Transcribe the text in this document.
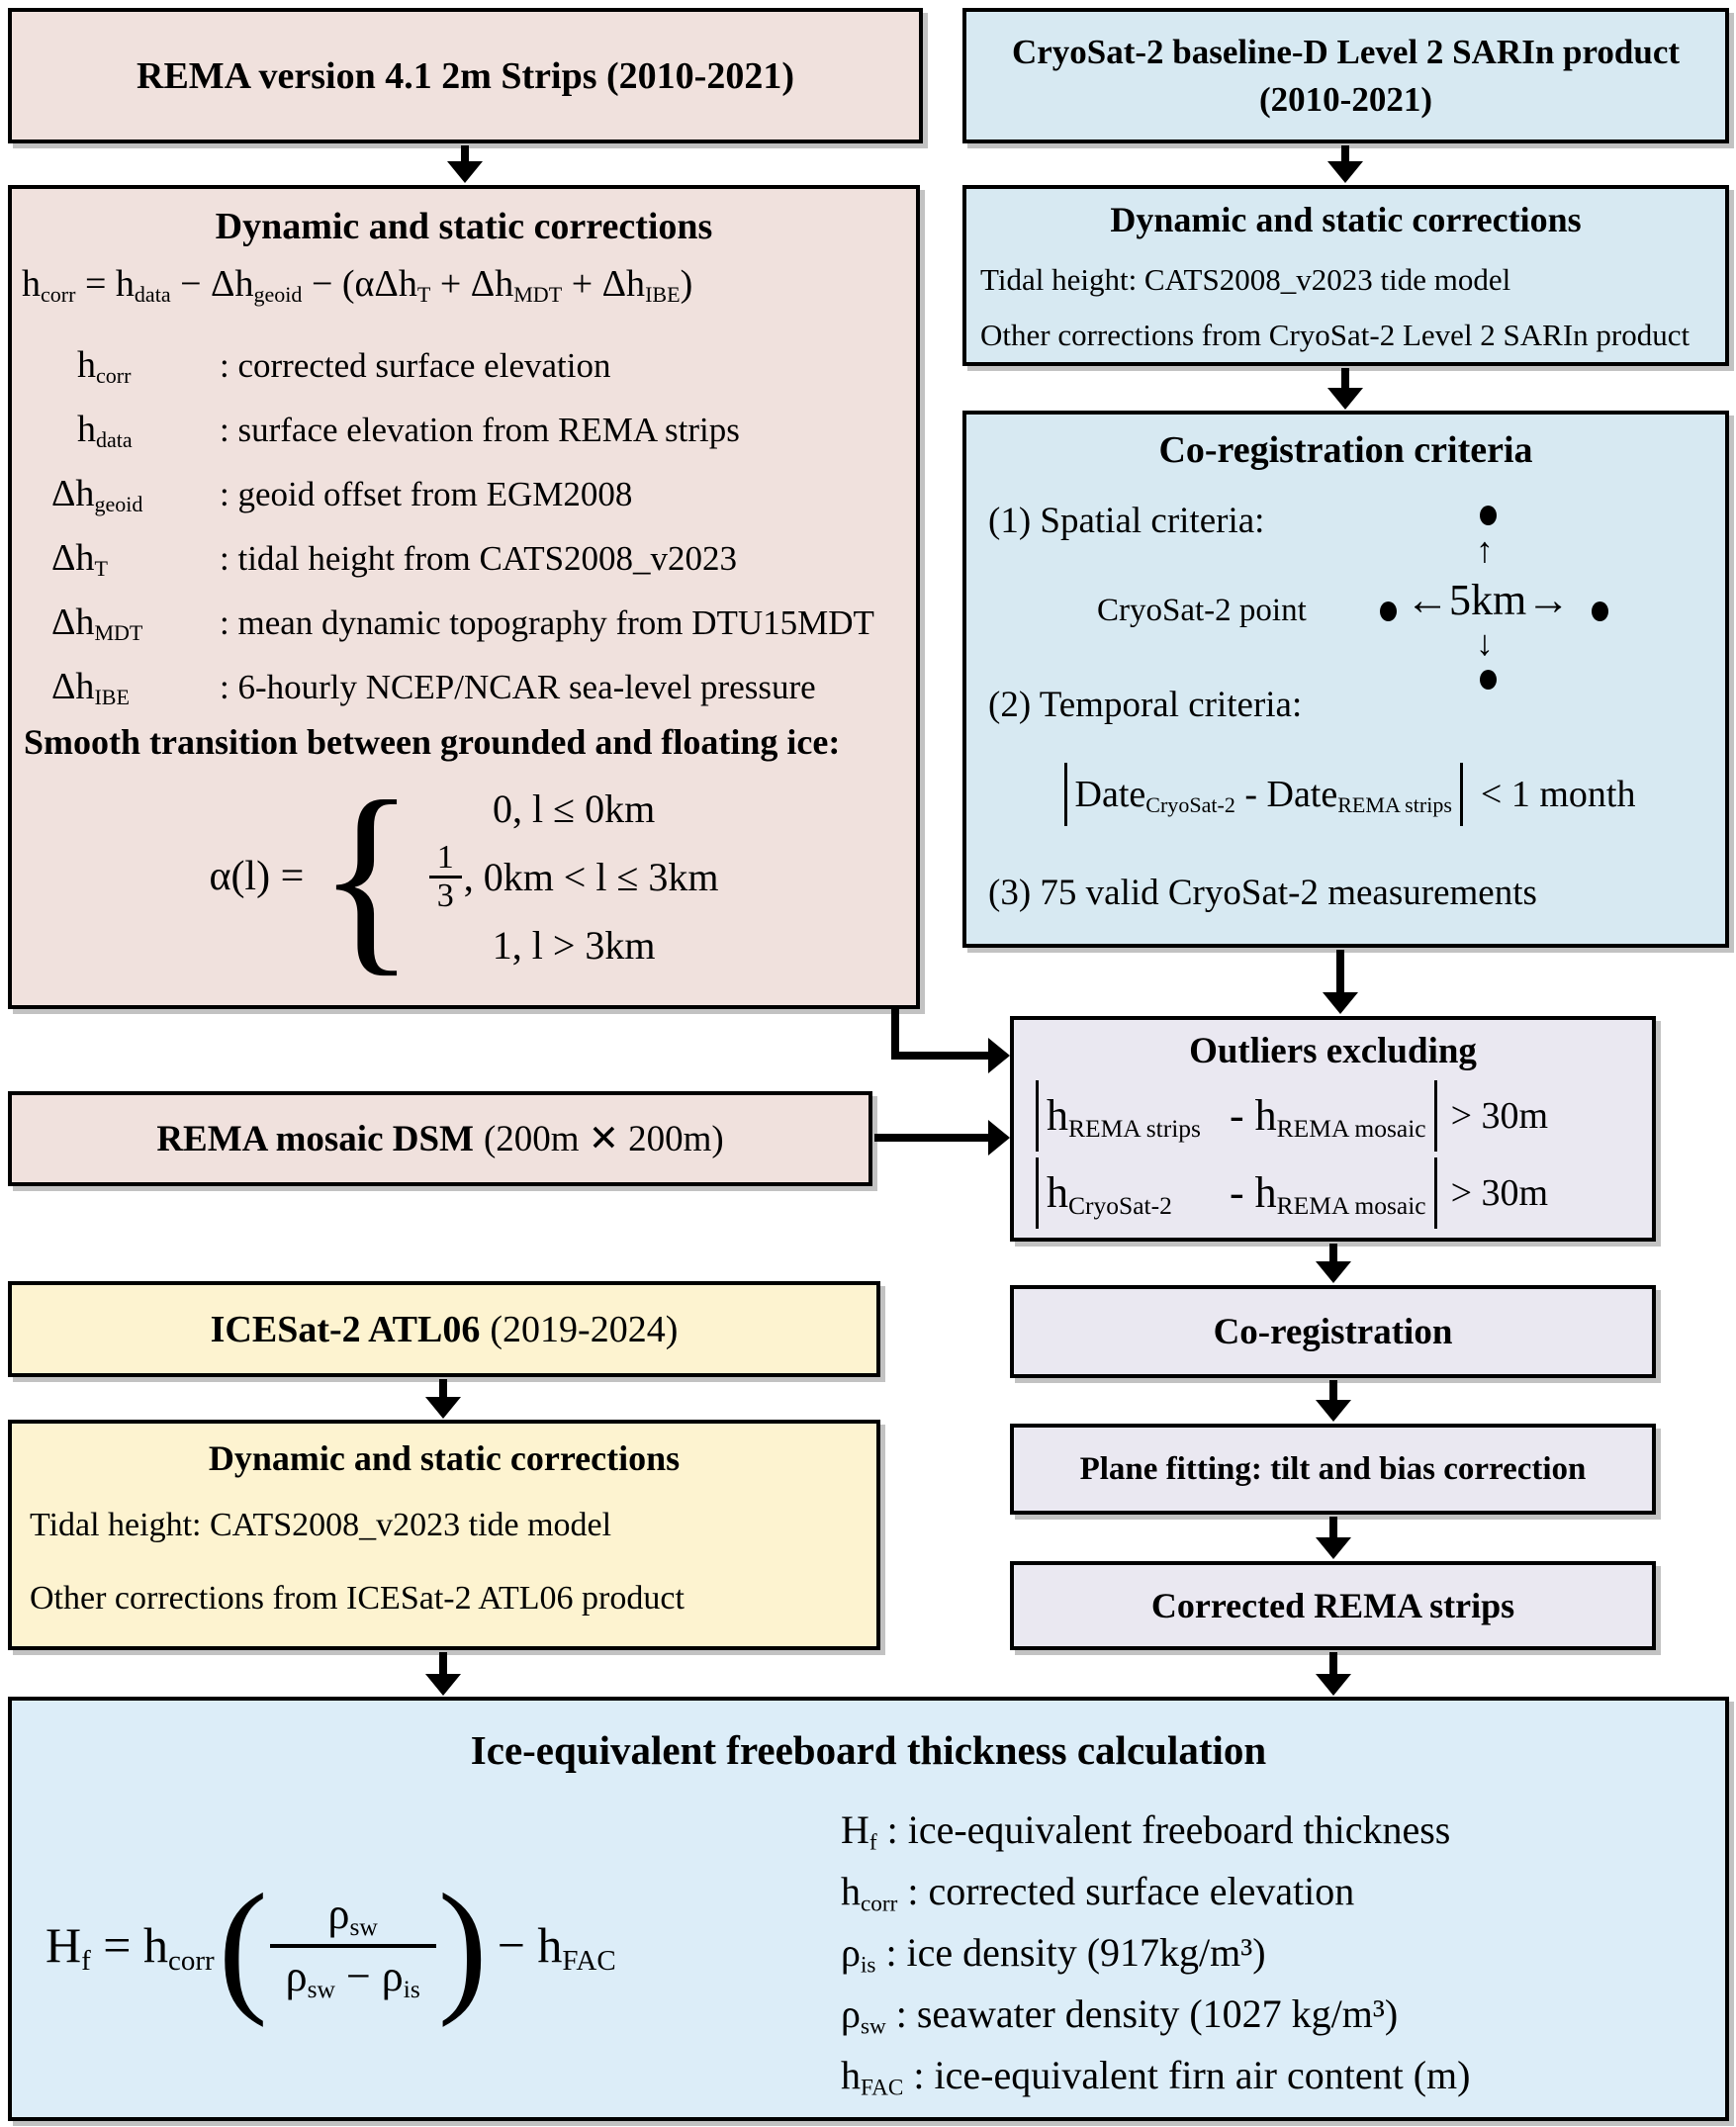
REMA version 4.1 2m Strips (2010-2021)
CryoSat-2 baseline-D Level 2 SARIn product
(2010-2021)
Dynamic and static corrections
$h_{corr} = h_{data} - \Delta h_{geoid} - (\alpha\Delta h_T + \Delta h_{MDT} + \Delta h_{IBE})$
$h_{corr}$	: corrected surface elevation
$h_{data}$	: surface elevation from REMA strips
$\Delta h_{geoid}$	: geoid offset from EGM2008
$\Delta h_T$	: tidal height from CATS2008_v2023
$\Delta h_{MDT}$	: mean dynamic topography from DTU15MDT
$\Delta h_{IBE}$	: 6-hourly NCEP/NCAR sea-level pressure
Smooth transition between grounded and floating ice:
α(l) = { 0, l ≤ 0km
$\frac{1}{3}$ , 0km < l ≤ 3km
1, l > 3km
Dynamic and static corrections
Tidal height: CATS2008_v2023 tide model
Other corrections from CryoSat-2 Level 2 SARIn product
Co-registration criteria
(1) Spatial criteria:
CryoSat-2 point ←5km→
↑
↓
(2) Temporal criteria:
Date$_{CryoSat-2}$ - Date$_{REMA strips}$ < 1 month
(3) 75 valid CryoSat-2 measurements
Outliers excluding
$h_{REMA strips} - h_{REMA mosaic} > 30m$
$h_{CryoSat-2} - h_{REMA mosaic} > 30m$
REMA mosaic DSM (200m ✕ 200m)
Co-registration
Plane fitting: tilt and bias correction
Corrected REMA strips
ICESat-2 ATL06 (2019-2024)
Dynamic and static corrections
Tidal height: CATS2008_v2023 tide model
Other corrections from ICESat-2 ATL06 product
Ice-equivalent freeboard thickness calculation
$H_f = h_{corr}$ (	$\rho_{sw}$
$\rho_{sw} - \rho_{is}$ ) − $h_{FAC}$
$H_f$ : ice-equivalent freeboard thickness
$h_{corr}$ : corrected surface elevation
$\rho_{is}$ : ice density (917kg/m³)
$\rho_{sw}$ : seawater density (1027 kg/m³)
$h_{FAC}$ : ice-equivalent firn air content (m)
